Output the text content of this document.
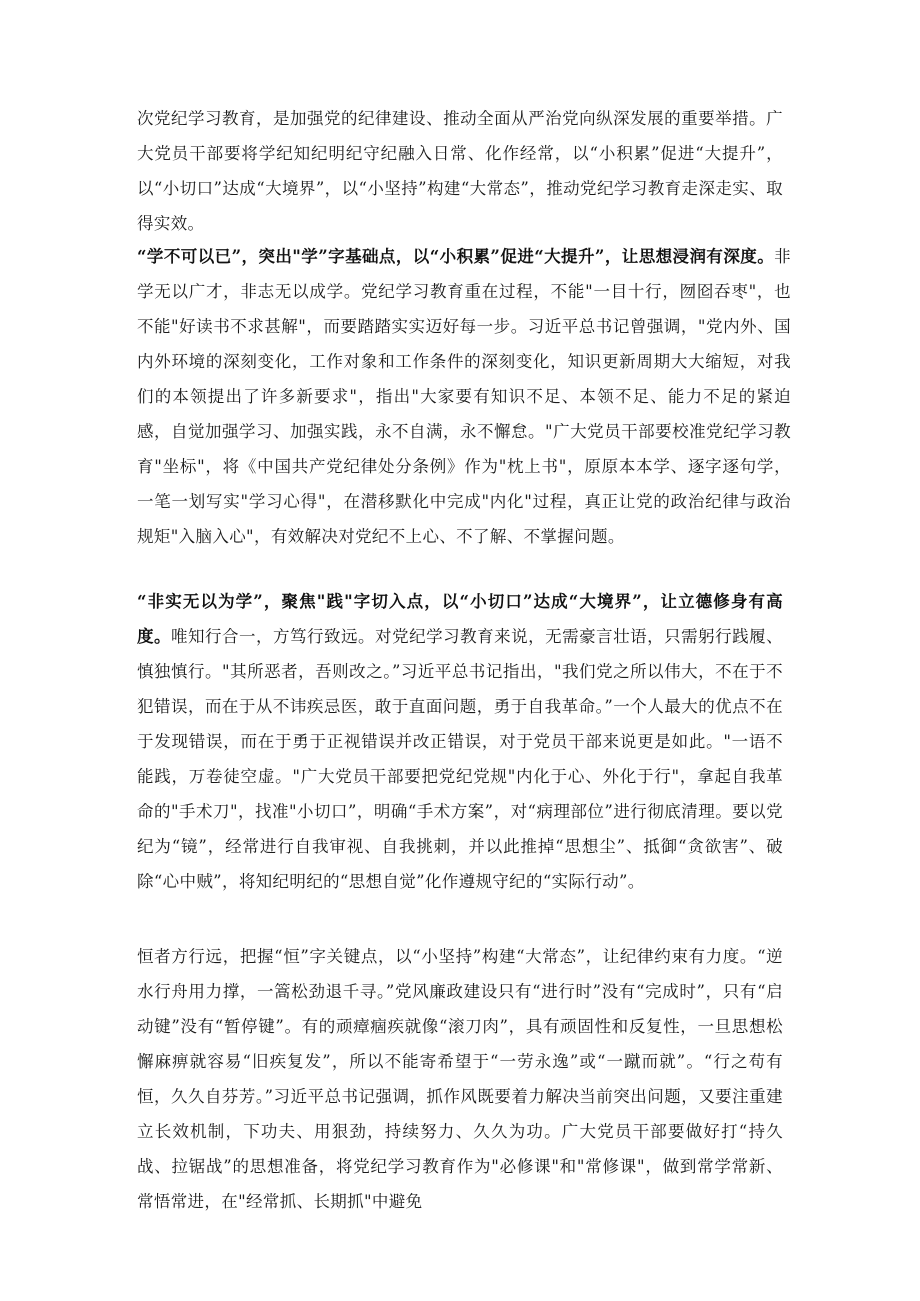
次党纪学习教育，是加强党的纪律建设、推动全面从严治党向纵深发展的重要举措。广大党员干部要将学纪知纪明纪守纪融入日常、化作经常，以“小积累”促进“大提升”，以“小切口”达成“大境界”，以“小坚持”构建“大常态”，推动党纪学习教育走深走实、取得实效。

“学不可以已”，突出"学”字基础点，以“小积累”促进“大提升”，让思想浸润有深度。非学无以广才，非志无以成学。党纪学习教育重在过程，不能"一目十行，囫囵吞枣"，也不能"好读书不求甚解"，而要踏踏实实迈好每一步。习近平总书记曾强调，"党内外、国内外环境的深刻变化，工作对象和工作条件的深刻变化，知识更新周期大大缩短，对我们的本领提出了许多新要求"，指出"大家要有知识不足、本领不足、能力不足的紧迫感，自觉加强学习、加强实践，永不自满，永不懈怠。"广大党员干部要校准党纪学习教育"坐标"，将《中国共产党纪律处分条例》作为"枕上书"，原原本本学、逐字逐句学，一笔一划写实"学习心得"，在潜移默化中完成"内化"过程，真正让党的政治纪律与政治规矩"入脑入心"，有效解决对党纪不上心、不了解、不掌握问题。

“非实无以为学”，聚焦"践"字切入点，以“小切口”达成“大境界”，让立德修身有高度。唯知行合一，方笃行致远。对党纪学习教育来说，无需豪言壮语，只需躬行践履、慎独慎行。"其所恶者，吾则改之。”习近平总书记指出，"我们党之所以伟大，不在于不犯错误，而在于从不讳疾忌医，敢于直面问题，勇于自我革命。”一个人最大的优点不在于发现错误，而在于勇于正视错误并改正错误，对于党员干部来说更是如此。"一语不能践，万卷徒空虚。"广大党员干部要把党纪党规"内化于心、外化于行"，拿起自我革命的"手术刀"，找准"小切口”，明确“手术方案”，对“病理部位”进行彻底清理。要以党纪为“镜”，经常进行自我审视、自我挑刺，并以此推掉“思想尘”、抵御“贪欲害”、破除“心中贼”，将知纪明纪的“思想自觉”化作遵规守纪的“实际行动”。

恒者方行远，把握“恒”字关键点，以“小坚持”构建“大常态”，让纪律约束有力度。“逆水行舟用力撑，一篙松劲退千寻。”党风廉政建设只有“进行时”没有“完成时”，只有“启动键”没有“暂停键”。有的顽瘴痼疾就像“滚刀肉”，具有顽固性和反复性，一旦思想松懈麻痹就容易“旧疾复发”，所以不能寄希望于“一劳永逸”或“一蹴而就”。“行之苟有恒，久久自芬芳。”习近平总书记强调，抓作风既要着力解决当前突出问题，又要注重建立长效机制，下功夫、用狠劲，持续努力、久久为功。广大党员干部要做好打“持久战、拉锯战”的思想准备，将党纪学习教育作为"必修课"和"常修课"，做到常学常新、常悟常进，在"经常抓、长期抓"中避免
